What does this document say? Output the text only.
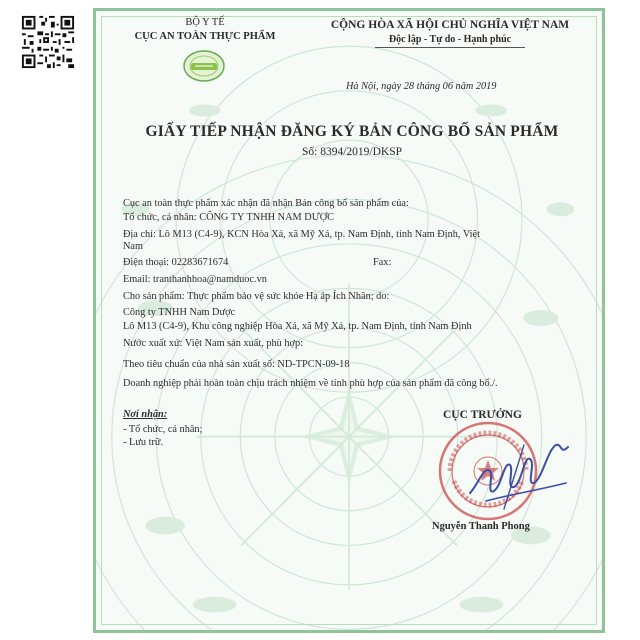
BỘ Y TẾ
CỤC AN TOÀN THỰC PHẨM
CỘNG HÒA XÃ HỘI CHỦ NGHĨA VIỆT NAM
Độc lập - Tự do - Hạnh phúc
Hà Nội, ngày 28 tháng 06 năm 2019
GIẤY TIẾP NHẬN ĐĂNG KÝ BẢN CÔNG BỐ SẢN PHẨM
Số: 8394/2019/DKSP
Cục an toàn thực phẩm xác nhận đã nhận Bản công bố sản phẩm của:
Tổ chức, cá nhân: CÔNG TY TNHH NAM DƯỢC
Địa chỉ: Lô M13 (C4-9), KCN Hòa Xá, xã Mỹ Xá, tp. Nam Định, tỉnh Nam Định, Việt
Nam
Điện thoại: 02283671674	Fax:
Email: tranthanhhoa@namduoc.vn
Cho sản phẩm: Thực phẩm bảo vệ sức khỏe Hạ áp Ích Nhân; do:
Công ty TNHH Nam Dược
Lô M13 (C4-9), Khu công nghiệp Hòa Xá, xã Mỹ Xá, tp. Nam Định, tỉnh Nam Định
Nước xuất xứ: Việt Nam sản xuất, phù hợp:
Theo tiêu chuẩn của nhà sản xuất số: ND-TPCN-09-18
Doanh nghiệp phải hoàn toàn chịu trách nhiệm về tính phù hợp của sản phẩm đã công bố./.
Nơi nhận:
- Tổ chức, cá nhân;
- Lưu trữ.
CỤC TRƯỞNG
Nguyễn Thanh Phong
